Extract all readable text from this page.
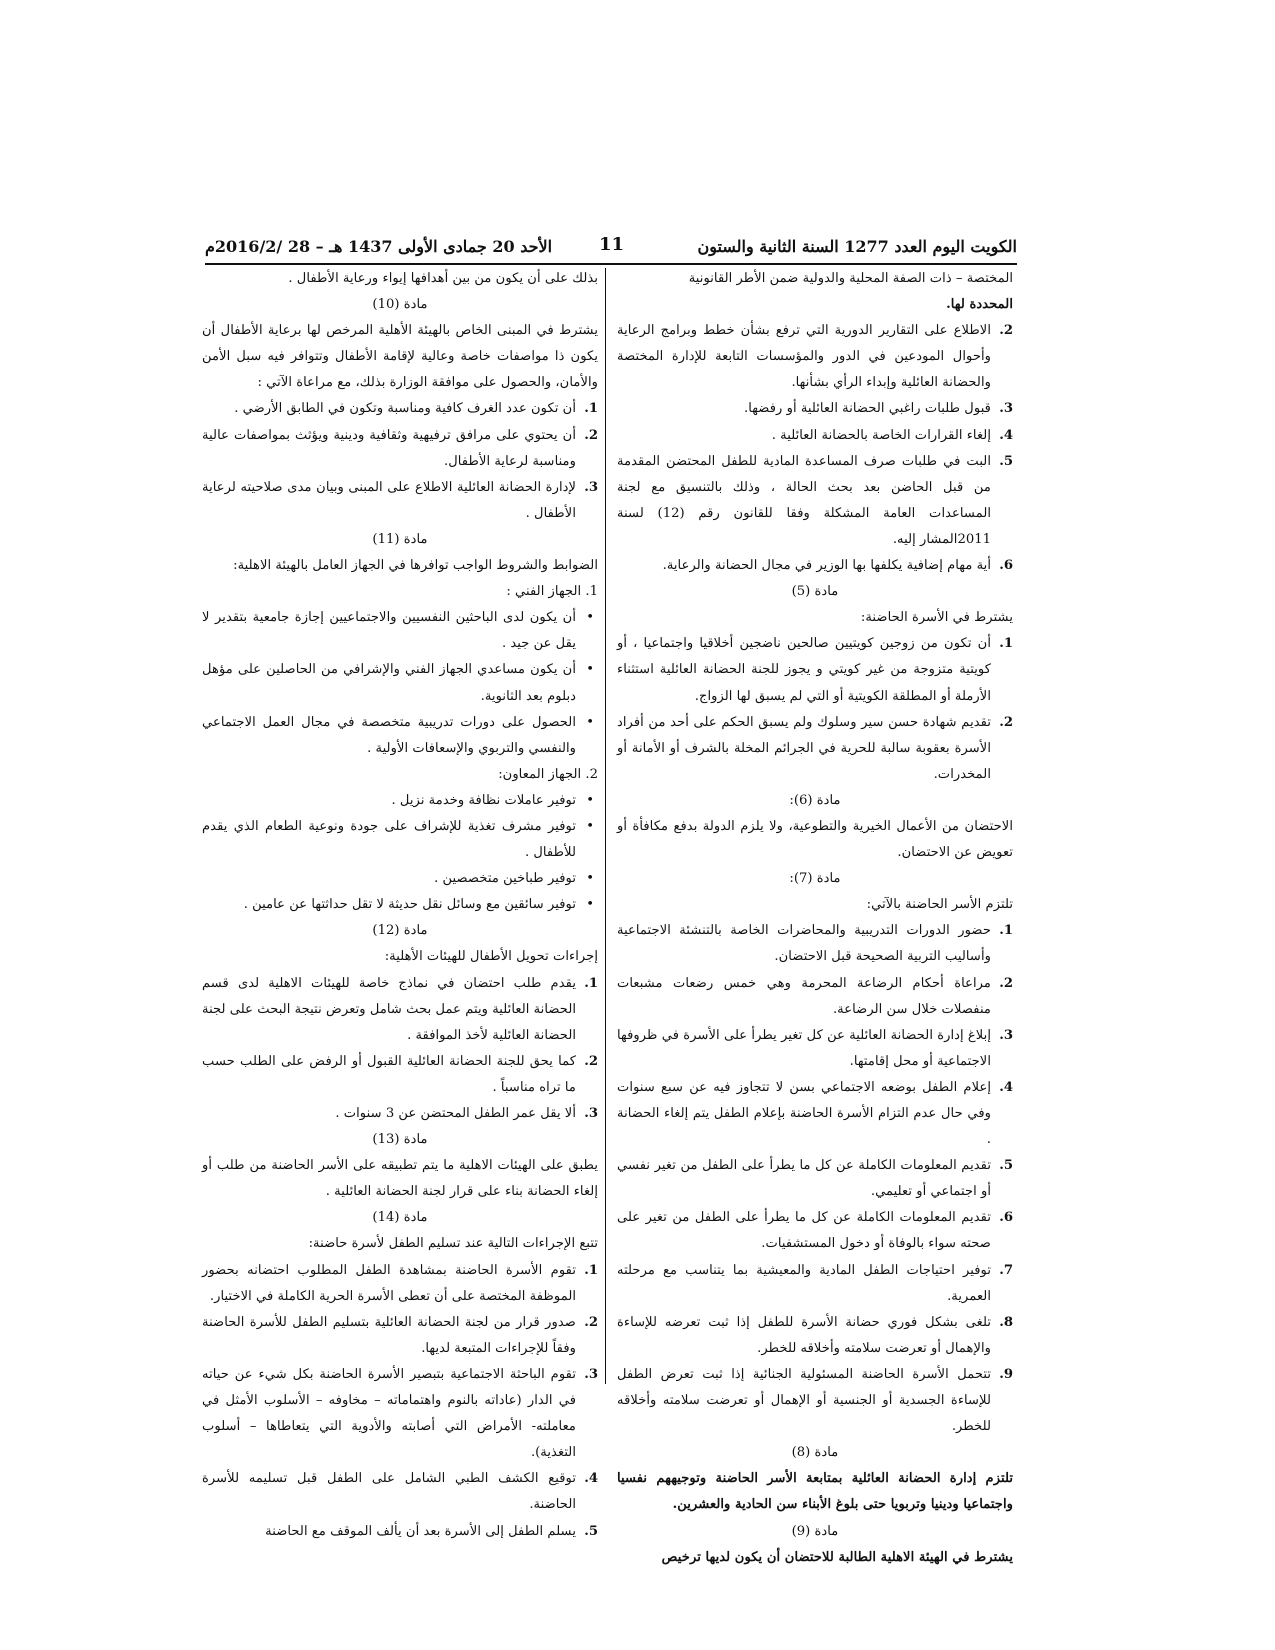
الكويت اليوم العدد 1277 السنة الثانية والستون
11
الأحد 20 جمادى الأولى 1437 هـ – 28 /2016/2م

المختصة – ذات الصفة المحلية والدولية ضمن الأطر القانونية

المحددة لها.

2.
الاطلاع على التقارير الدورية التي ترفع بشأن خطط وبرامج الرعاية وأحوال المودعين في الدور والمؤسسات التابعة للإدارة المختصة والحضانة العائلية وإبداء الرأي بشأنها.
3.
قبول طلبات راغبي الحضانة العائلية أو رفضها.
4.
إلغاء القرارات الخاصة بالحضانة العائلية .
5.
البت في طلبات صرف المساعدة المادية للطفل المحتضن المقدمة من قبل الحاضن بعد بحث الحالة ، وذلك بالتنسيق مع لجنة المساعدات العامة المشكلة وفقا للقانون رقم (12) لسنة 2011المشار إليه.
6.
أية مهام إضافية يكلفها بها الوزير في مجال الحضانة والرعاية.

مادة (5)

يشترط في الأسرة الحاضنة:

1.
أن تكون من زوجين كويتيين صالحين ناضجين أخلاقيا واجتماعيا ، أو كويتية متزوجة من غير كويتي و يجوز للجنة الحضانة العائلية استثناء الأرملة أو المطلقة الكويتية أو التي لم يسبق لها الزواج.
2.
تقديم شهادة حسن سير وسلوك ولم يسبق الحكم على أحد من أفراد الأسرة بعقوبة سالبة للحرية في الجرائم المخلة بالشرف أو الأمانة أو المخدرات.

مادة (6):

الاحتضان من الأعمال الخيرية والتطوعية، ولا يلزم الدولة بدفع مكافأة أو تعويض عن الاحتضان.

مادة (7):

تلتزم الأسر الحاضنة بالآتي:

1.
حضور الدورات التدريبية والمحاضرات الخاصة بالتنشئة الاجتماعية وأساليب التربية الصحيحة قبل الاحتضان.
2.
مراعاة أحكام الرضاعة المحرمة وهي خمس رضعات مشبعات منفصلات خلال سن الرضاعة.
3.
إبلاغ إدارة الحضانة العائلية عن كل تغير يطرأ على الأسرة في ظروفها الاجتماعية أو محل إقامتها.
4.
إعلام الطفل بوضعه الاجتماعي بسن لا تتجاوز فيه عن سبع سنوات وفي حال عدم التزام الأسرة الحاضنة بإعلام الطفل يتم إلغاء الحضانة .
5.
تقديم المعلومات الكاملة عن كل ما يطرأ على الطفل من تغير نفسي أو اجتماعي أو تعليمي.
6.
تقديم المعلومات الكاملة عن كل ما يطرأ على الطفل من تغير على صحته سواء بالوفاة أو دخول المستشفيات.
7.
توفير احتياجات الطفل المادية والمعيشية بما يتناسب مع مرحلته العمرية.
8.
تلغى بشكل فوري حضانة الأسرة للطفل إذا ثبت تعرضه للإساءة والإهمال أو تعرضت سلامته وأخلاقه للخطر.
9.
تتحمل الأسرة الحاضنة المسئولية الجنائية إذا ثبت تعرض الطفل للإساءة الجسدية أو الجنسية أو الإهمال أو تعرضت سلامته وأخلاقه للخطر.

مادة (8)

تلتزم إدارة الحضانة العائلية بمتابعة الأسر الحاضنة وتوجيههم نفسيا واجتماعيا ودينيا وتربويا حتى بلوغ الأبناء سن الحادية والعشرين.

مادة (9)

يشترط في الهيئة الاهلية الطالبة للاحتضان أن يكون لديها ترخيص

بذلك على أن يكون من بين أهدافها إيواء ورعاية الأطفال .

مادة (10)

يشترط في المبنى الخاص بالهيئة الأهلية المرخص لها برعاية الأطفال أن يكون ذا مواصفات خاصة وعالية لإقامة الأطفال وتتوافر فيه سبل الأمن والأمان، والحصول على موافقة الوزارة بذلك، مع مراعاة الآتي :

1.
أن تكون عدد الغرف كافية ومناسبة وتكون في الطابق الأرضي .
2.
أن يحتوي على مرافق ترفيهية وثقافية ودينية ويؤثث بمواصفات عالية ومناسبة لرعاية الأطفال.
3.
لإدارة الحضانة العائلية الاطلاع على المبنى وبيان مدى صلاحيته لرعاية الأطفال .

مادة (11)

الضوابط والشروط الواجب توافرها في الجهاز العامل بالهيئة الاهلية:

1. الجهاز الفني :

•
أن يكون لدى الباحثين النفسيين والاجتماعيين إجازة جامعية بتقدير لا يقل عن جيد .
•
أن يكون مساعدي الجهاز الفني والإشرافي من الحاصلين على مؤهل دبلوم بعد الثانوية.
•
الحصول على دورات تدريبية متخصصة في مجال العمل الاجتماعي والنفسي والتربوي والإسعافات الأولية .

2. الجهاز المعاون:

•
توفير عاملات نظافة وخدمة نزيل .
•
توفير مشرف تغذية للإشراف على جودة ونوعية الطعام الذي يقدم للأطفال .
•
توفير طباخين متخصصين .
•
توفير سائقين مع وسائل نقل حديثة لا تقل حداثتها عن عامين .

مادة (12)

إجراءات تحويل الأطفال للهيئات الأهلية:

1.
يقدم طلب احتضان في نماذج خاصة للهيئات الاهلية لدى قسم الحضانة العائلية ويتم عمل بحث شامل وتعرض نتيجة البحث على لجنة الحضانة العائلية لأخذ الموافقة .
2.
كما يحق للجنة الحضانة العائلية القبول أو الرفض على الطلب حسب ما تراه مناسباً .
3.
ألا يقل عمر الطفل المحتضن عن 3 سنوات .

مادة (13)

يطبق على الهيئات الاهلية ما يتم تطبيقه على الأسر الحاضنة من طلب أو إلغاء الحضانة بناء على قرار لجنة الحضانة العائلية .

مادة (14)

تتبع الإجراءات التالية عند تسليم الطفل لأسرة حاضنة:

1.
تقوم الأسرة الحاضنة بمشاهدة الطفل المطلوب احتضانه بحضور الموظفة المختصة على أن تعطى الأسرة الحرية الكاملة في الاختيار.
2.
صدور قرار من لجنة الحضانة العائلية بتسليم الطفل للأسرة الحاضنة وفقاً للإجراءات المتبعة لديها.
3.
تقوم الباحثة الاجتماعية بتبصير الأسرة الحاضنة بكل شيء عن حياته في الدار (عاداته بالنوم واهتماماته – مخاوفه – الأسلوب الأمثل في معاملته- الأمراض التي أصابته والأدوية التي يتعاطاها – أسلوب التغذية).
4.
توقيع الكشف الطبي الشامل على الطفل قبل تسليمه للأسرة الحاضنة.
5.
يسلم الطفل إلى الأسرة بعد أن يألف الموقف مع الحاضنة
